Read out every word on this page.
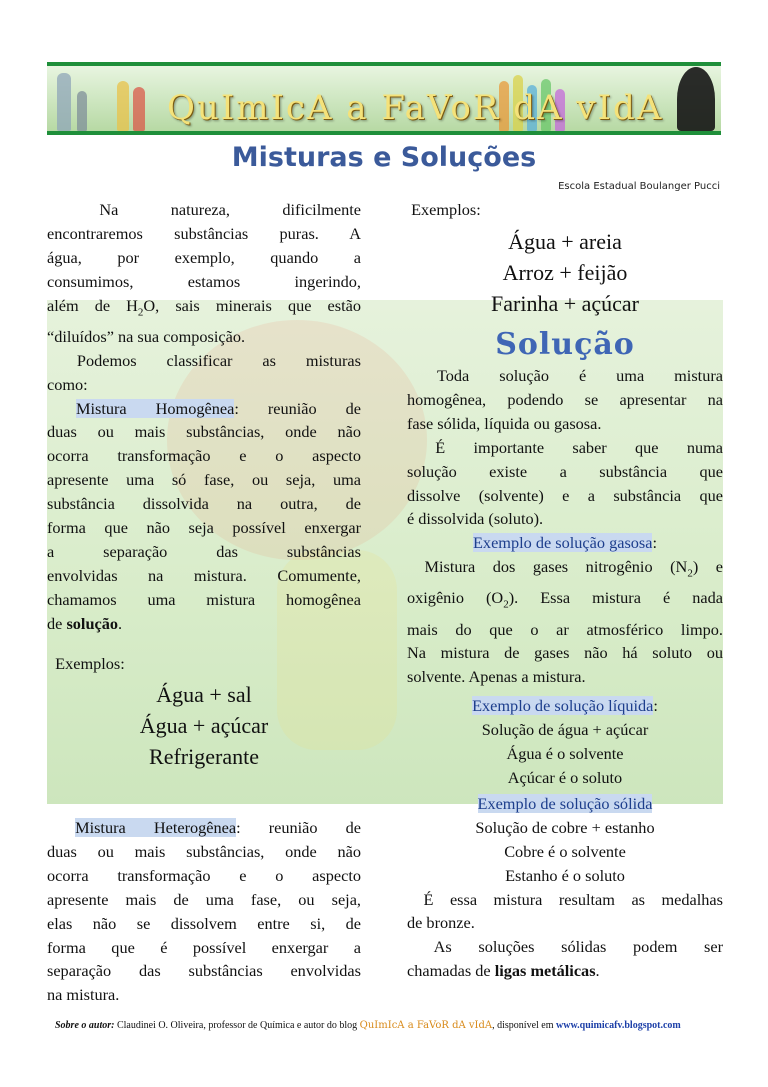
QuImIcA a FaVoR dA vIdA
Misturas e Soluções
Escola Estadual Boulanger Pucci

Na natureza, dificilmente

encontraremos substâncias puras. A

água, por exemplo, quando a

consumimos, estamos ingerindo,

além de $H_2O$, sais minerais que estão

“diluídos” na sua composição.

Podemos classificar as misturas

como:

Mistura Homogênea: reunião de

duas ou mais substâncias, onde não

ocorra transformação e o aspecto

apresente uma só fase, ou seja, uma

substância dissolvida na outra, de

forma que não seja possível enxergar

a separação das substâncias

envolvidas na mistura. Comumente,

chamamos uma mistura homogênea

de solução.

Exemplos:

Água + sal

Água + açúcar

Refrigerante

Mistura Heterogênea: reunião de

duas ou mais substâncias, onde não

ocorra transformação e o aspecto

apresente mais de uma fase, ou seja,

elas não se dissolvem entre si, de

forma que é possível enxergar a

separação das substâncias envolvidas

na mistura.

Exemplos:

Água + areia

Arroz + feijão

Farinha + açúcar

Solução

Toda solução é uma mistura

homogênea, podendo se apresentar na

fase sólida, líquida ou gasosa.

É importante saber que numa

solução existe a substância que

dissolve (solvente) e a substância que

é dissolvida (soluto).

Exemplo de solução gasosa:

Mistura dos gases nitrogênio $(N_2)$ e

oxigênio $(O_2)$. Essa mistura é nada

mais do que o ar atmosférico limpo.

Na mistura de gases não há soluto ou

solvente. Apenas a mistura.

Exemplo de solução líquida:

Solução de água + açúcar

Água é o solvente

Açúcar é o soluto

Exemplo de solução sólida

Solução de cobre + estanho

Cobre é o solvente

Estanho é o soluto

É essa mistura resultam as medalhas

de bronze.

As soluções sólidas podem ser

chamadas de ligas metálicas.

Sobre o autor: Claudinei O. Oliveira, professor de Química e autor do blog QuImIcA a FaVoR dA vIdA, disponível em www.quimicafv.blogspot.com
